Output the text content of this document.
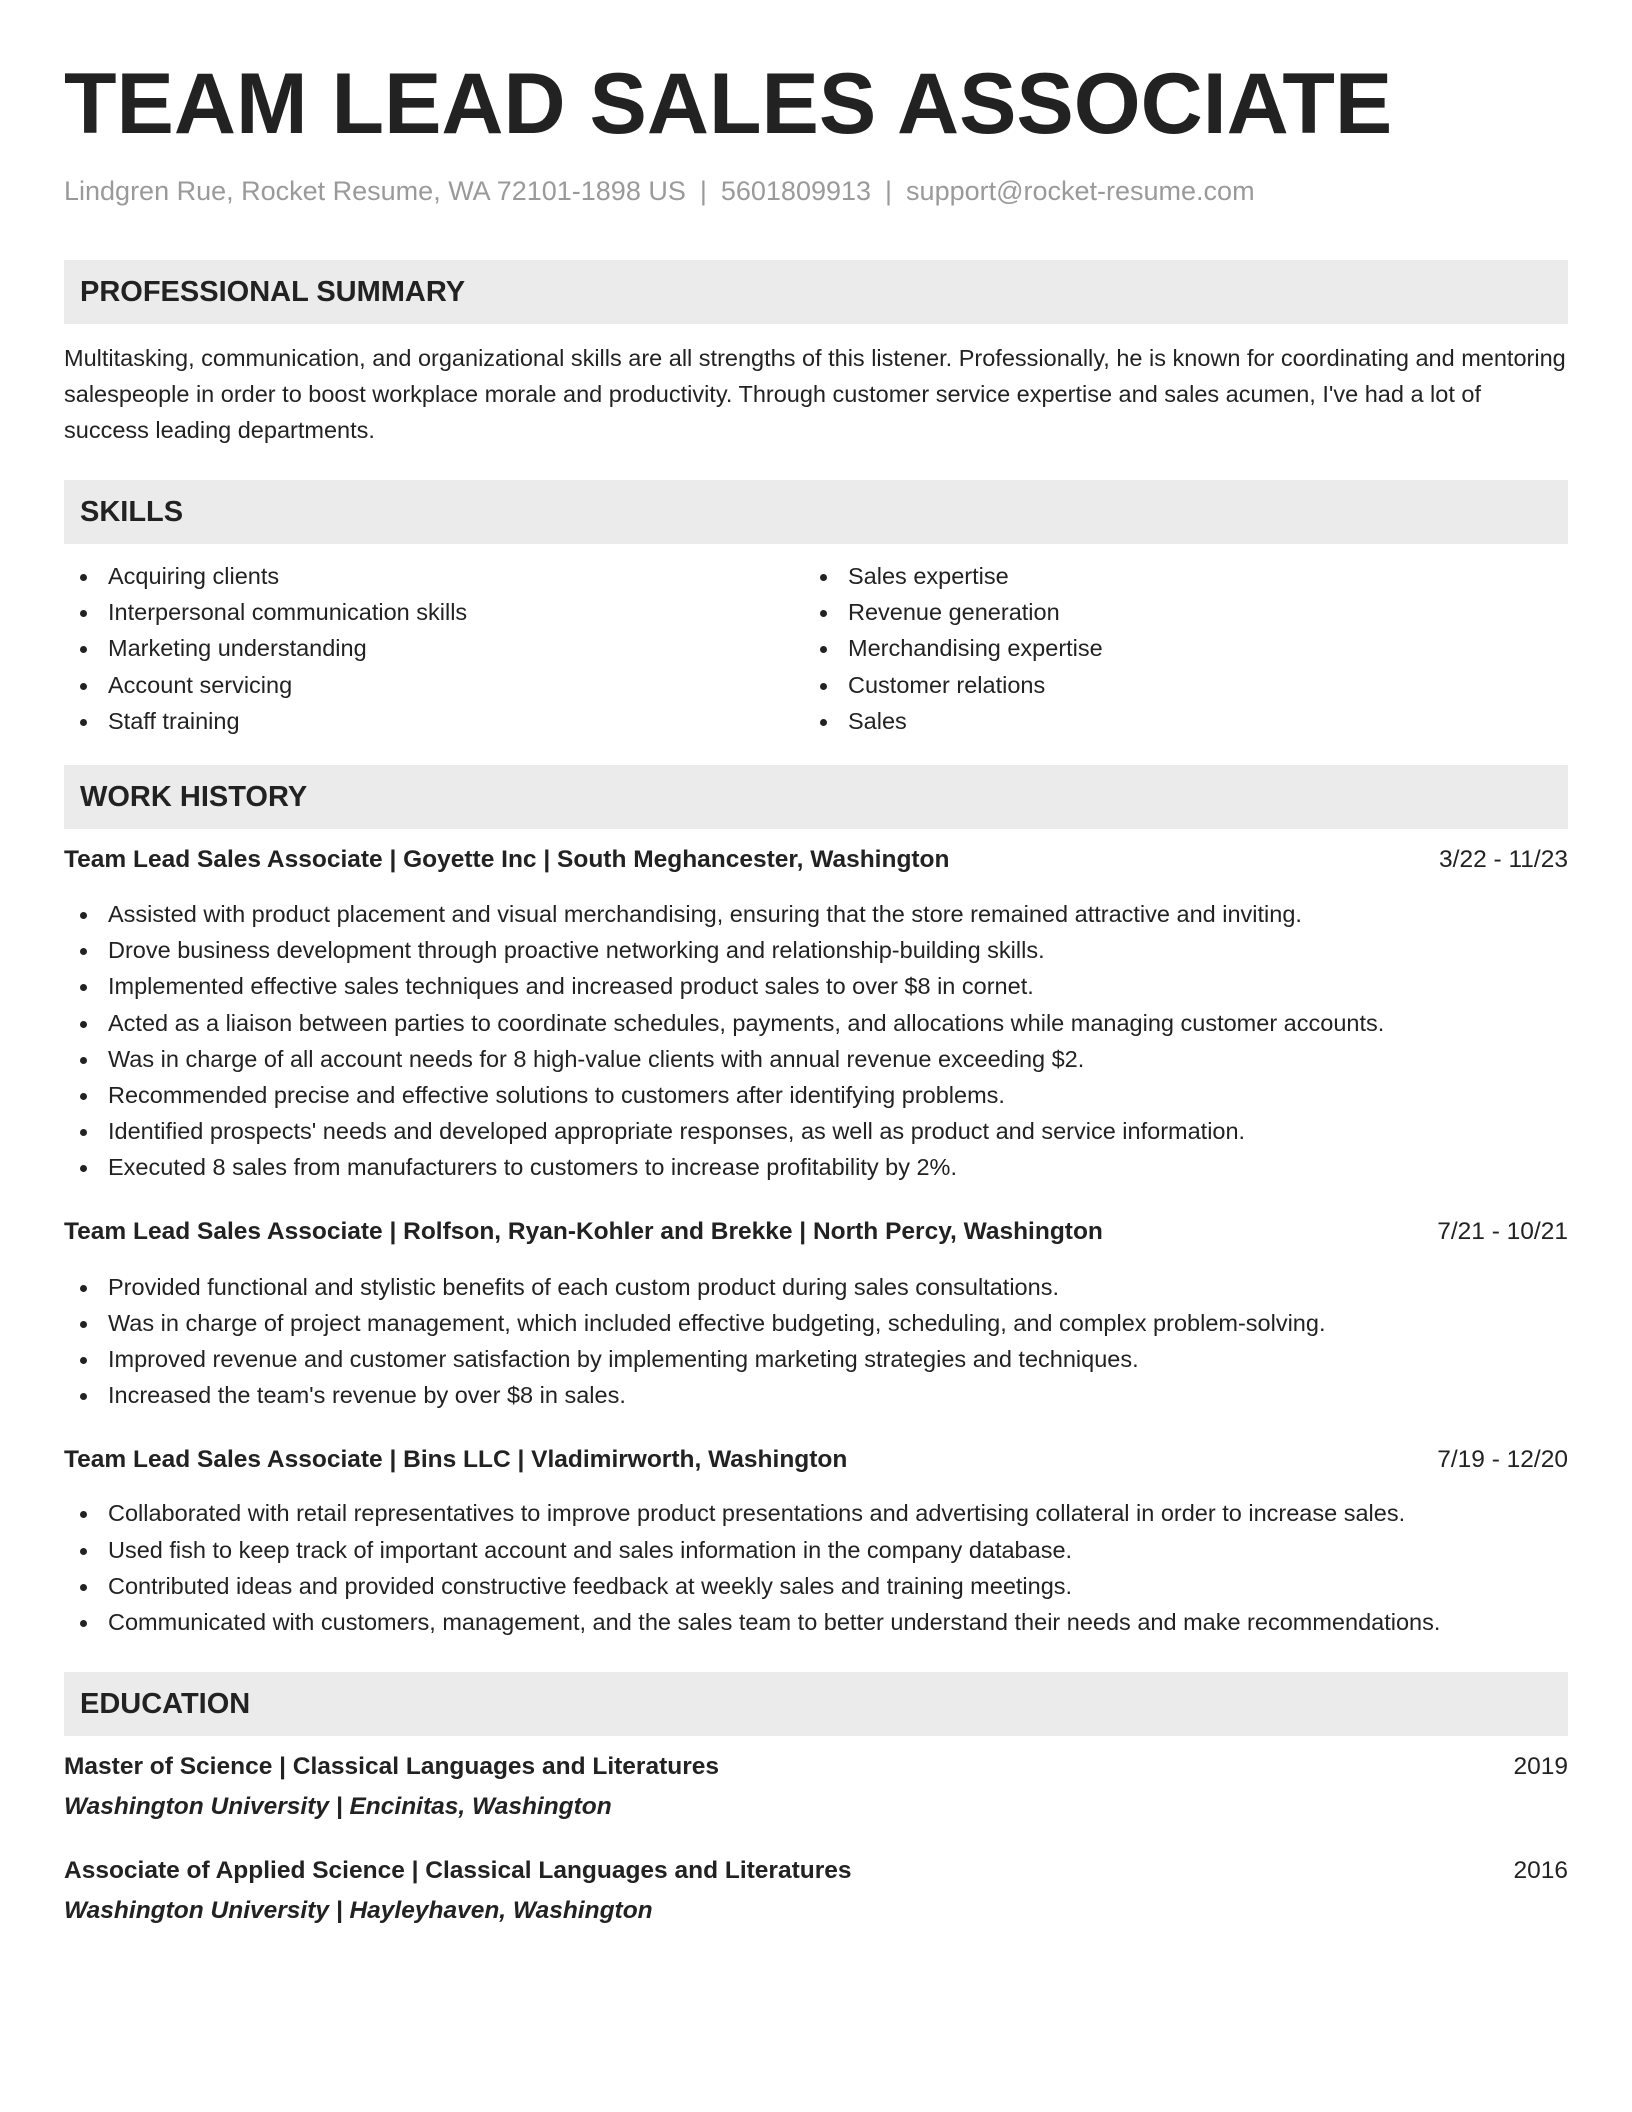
TEAM LEAD SALES ASSOCIATE
Lindgren Rue, Rocket Resume, WA 72101-1898 US | 5601809913 | support@rocket-resume.com
PROFESSIONAL SUMMARY
Multitasking, communication, and organizational skills are all strengths of this listener. Professionally, he is known for coordinating and mentoring salespeople in order to boost workplace morale and productivity. Through customer service expertise and sales acumen, I've had a lot of success leading departments.
SKILLS
Acquiring clients
Interpersonal communication skills
Marketing understanding
Account servicing
Staff training
Sales expertise
Revenue generation
Merchandising expertise
Customer relations
Sales
WORK HISTORY
Team Lead Sales Associate | Goyette Inc | South Meghancester, Washington	3/22 - 11/23
Assisted with product placement and visual merchandising, ensuring that the store remained attractive and inviting.
Drove business development through proactive networking and relationship-building skills.
Implemented effective sales techniques and increased product sales to over $8 in cornet.
Acted as a liaison between parties to coordinate schedules, payments, and allocations while managing customer accounts.
Was in charge of all account needs for 8 high-value clients with annual revenue exceeding $2.
Recommended precise and effective solutions to customers after identifying problems.
Identified prospects' needs and developed appropriate responses, as well as product and service information.
Executed 8 sales from manufacturers to customers to increase profitability by 2%.
Team Lead Sales Associate | Rolfson, Ryan-Kohler and Brekke | North Percy, Washington	7/21 - 10/21
Provided functional and stylistic benefits of each custom product during sales consultations.
Was in charge of project management, which included effective budgeting, scheduling, and complex problem-solving.
Improved revenue and customer satisfaction by implementing marketing strategies and techniques.
Increased the team's revenue by over $8 in sales.
Team Lead Sales Associate | Bins LLC | Vladimirworth, Washington	7/19 - 12/20
Collaborated with retail representatives to improve product presentations and advertising collateral in order to increase sales.
Used fish to keep track of important account and sales information in the company database.
Contributed ideas and provided constructive feedback at weekly sales and training meetings.
Communicated with customers, management, and the sales team to better understand their needs and make recommendations.
EDUCATION
Master of Science | Classical Languages and Literatures	2019
Washington University | Encinitas, Washington
Associate of Applied Science | Classical Languages and Literatures	2016
Washington University | Hayleyhaven, Washington
